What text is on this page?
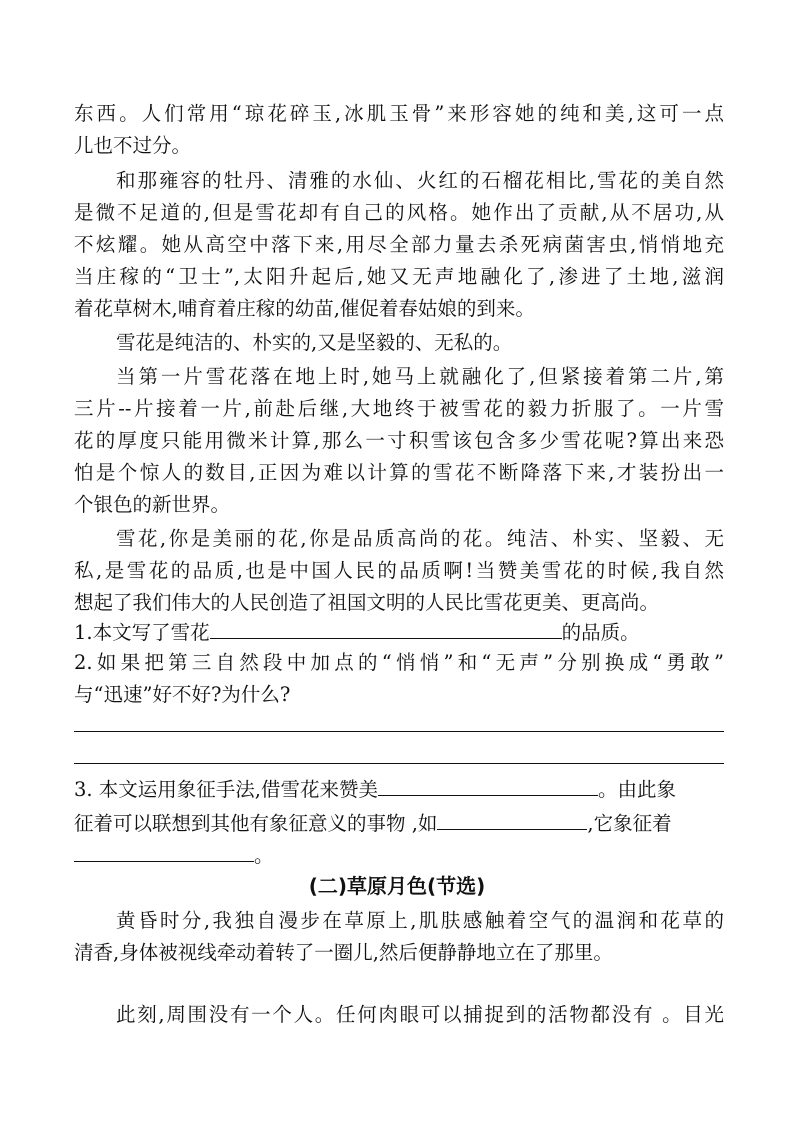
东西。人们常用“琼花碎玉,冰肌玉骨”来形容她的纯和美,这可一点
儿也不过分。
和那雍容的牡丹、清雅的水仙、火红的石榴花相比,雪花的美自然
是微不足道的,但是雪花却有自己的风格。她作出了贡献,从不居功,从
不炫耀。她从高空中落下来,用尽全部力量去杀死病菌害虫,悄悄地充
当庄稼的“卫士”,太阳升起后,她又无声地融化了,渗进了土地,滋润
着花草树木,哺育着庄稼的幼苗,催促着春姑娘的到来。
雪花是纯洁的、朴实的,又是坚毅的、无私的。
当第一片雪花落在地上时,她马上就融化了,但紧接着第二片,第
三片--片接着一片,前赴后继,大地终于被雪花的毅力折服了。一片雪
花的厚度只能用微米计算,那么一寸积雪该包含多少雪花呢?算出来恐
怕是个惊人的数目,正因为难以计算的雪花不断降落下来,才装扮出一
个银色的新世界。
雪花,你是美丽的花,你是品质高尚的花。纯洁、朴实、坚毅、无
私,是雪花的品质,也是中国人民的品质啊!当赞美雪花的时候,我自然
想起了我们伟大的人民创造了祖国文明的人民比雪花更美、更高尚。
1.本文写了雪花	的品质。
2.如果把第三自然段中加点的“悄悄”和“无声”分别换成“勇敢”
与“迅速”好不好?为什么?
3. 本文运用象征手法,借雪花来赞美	。由此象
征着可以联想到其他有象征意义的事物 ,如	,它象征着
。
(二)草原月色(节选)
黄昏时分,我独自漫步在草原上,肌肤感触着空气的温润和花草的
清香,身体被视线牵动着转了一圈儿,然后便静静地立在了那里。
此刻,周围没有一个人。任何肉眼可以捕捉到的活物都没有 。目光
